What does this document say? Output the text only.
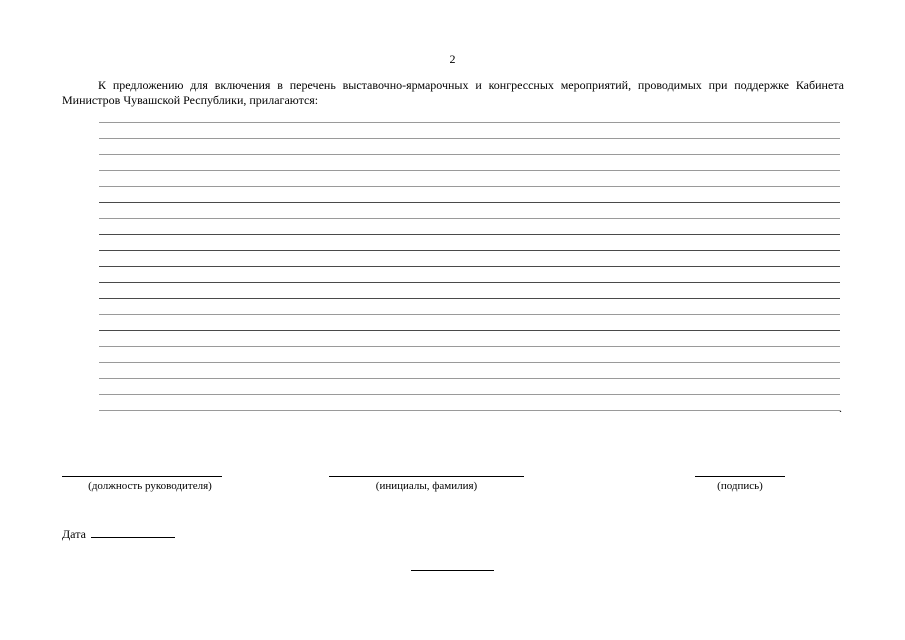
2
К предложению для включения в перечень выставочно-ярмарочных и конгрессных мероприятий, проводимых при поддержке Кабинета Министров Чувашской Республики, прилагаются:
.
(должность руководителя)	(инициалы, фамилия)	(подпись)
Дата
